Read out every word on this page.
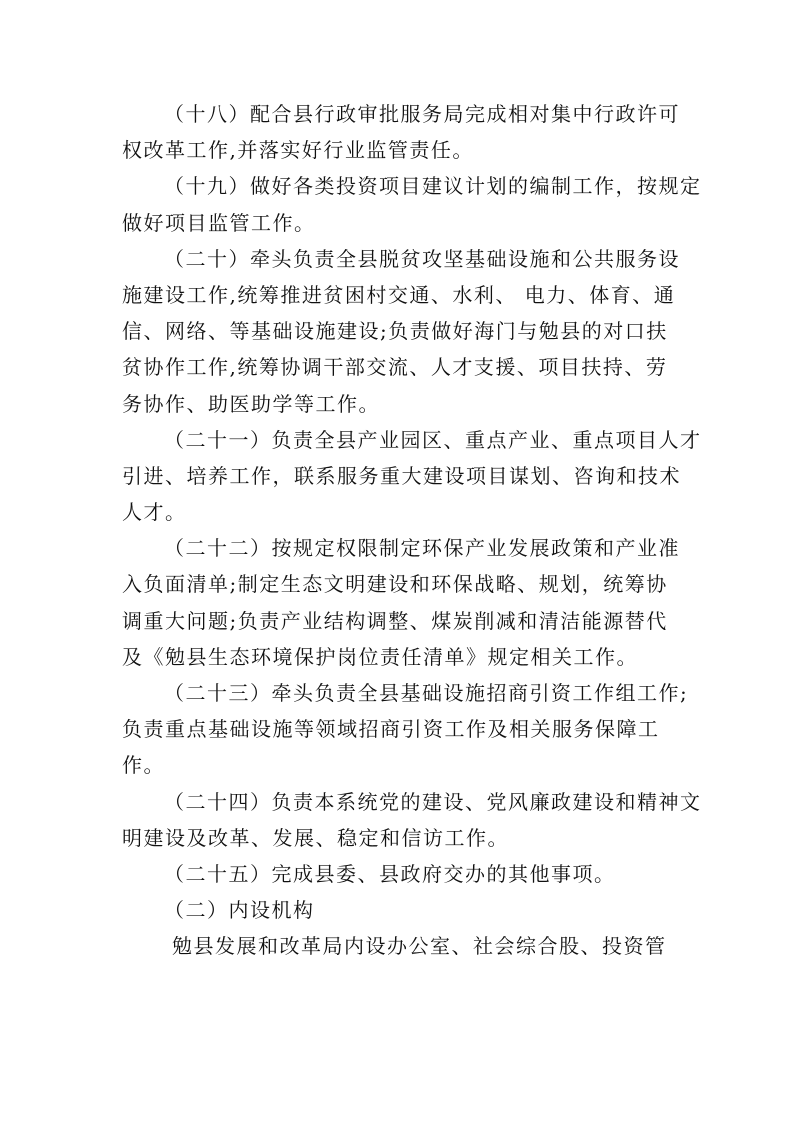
（十八）配合县行政审批服务局完成相对集中行政许可
权改革工作,并落实好行业监管责任。
（十九）做好各类投资项目建议计划的编制工作，按规定
做好项目监管工作。
（二十）牵头负责全县脱贫攻坚基础设施和公共服务设
施建设工作,统筹推进贫困村交通、水利、 电力、体育、通
信、网络、等基础设施建设;负责做好海门与勉县的对口扶
贫协作工作,统筹协调干部交流、人才支援、项目扶持、劳
务协作、助医助学等工作。
（二十一）负责全县产业园区、重点产业、重点项目人才
引进、培养工作，联系服务重大建设项目谋划、咨询和技术
人才。
（二十二）按规定权限制定环保产业发展政策和产业准
入负面清单;制定生态文明建设和环保战略、规划，统筹协
调重大问题;负责产业结构调整、煤炭削减和清洁能源替代
及《勉县生态环境保护岗位责任清单》规定相关工作。
（二十三）牵头负责全县基础设施招商引资工作组工作;
负责重点基础设施等领域招商引资工作及相关服务保障工
作。
（二十四）负责本系统党的建设、党风廉政建设和精神文
明建设及改革、发展、稳定和信访工作。
（二十五）完成县委、县政府交办的其他事项。
（二）内设机构
勉县发展和改革局内设办公室、社会综合股、投资管
